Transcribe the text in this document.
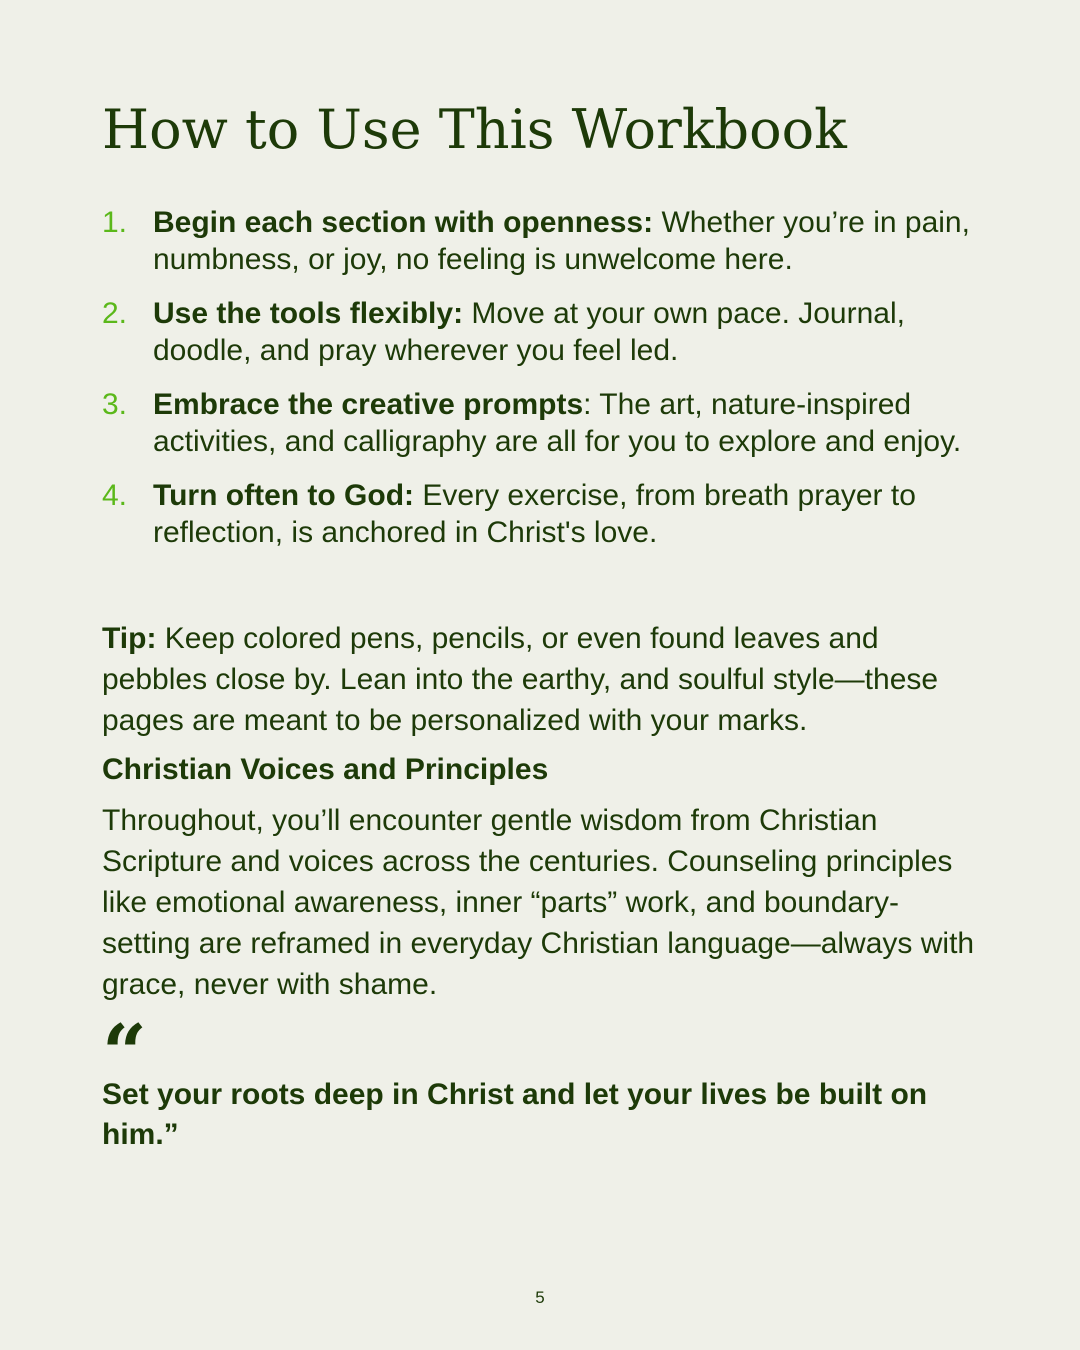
How to Use This Workbook
1. Begin each section with openness: Whether you’re in pain, numbness, or joy, no feeling is unwelcome here.
2. Use the tools flexibly: Move at your own pace. Journal, doodle, and pray wherever you feel led.
3. Embrace the creative prompts: The art, nature-inspired activities, and calligraphy are all for you to explore and enjoy.
4. Turn often to God: Every exercise, from breath prayer to reflection, is anchored in Christ's love.

Tip: Keep colored pens, pencils, or even found leaves and pebbles close by. Lean into the earthy, and soulful style—these pages are meant to be personalized with your marks.

Christian Voices and Principles

Throughout, you’ll encounter gentle wisdom from Christian Scripture and voices across the centuries. Counseling principles like emotional awareness, inner “parts” work, and boundary-setting are reframed in everyday Christian language—always with grace, never with shame.

“

Set your roots deep in Christ and let your lives be built on him.”

5
